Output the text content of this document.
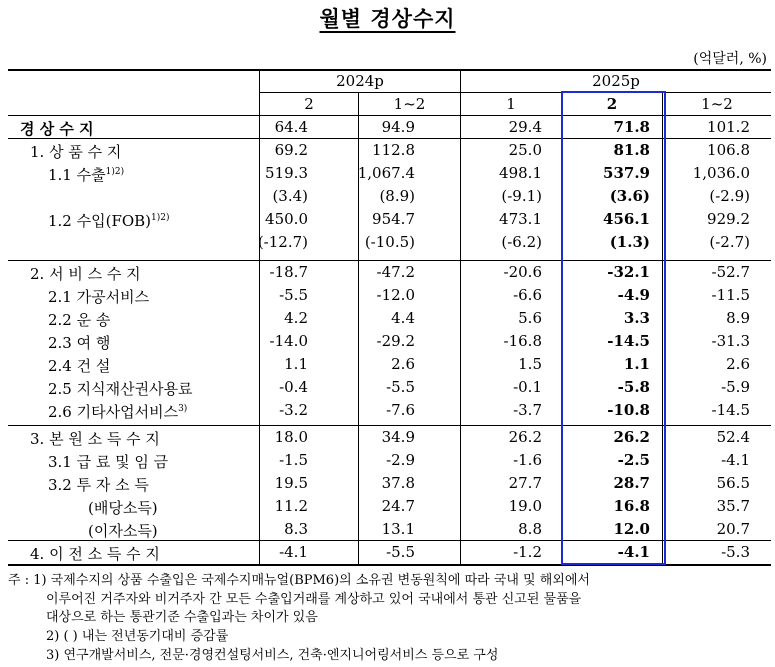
월별 경상수지
(억달러, %)
2024p	2025p
2	1~2	1	2	1~2
경 상 수 지	64.4	94.9	29.4	71.8	101.2
1. 상 품 수 지	69.2	112.8	25.0	81.8	106.8
1.1 수출$^{1)2)}$	519.3	1,067.4	498.1	537.9	1,036.0
(3.4)	(8.9)	(-9.1)	(3.6)	(-2.9)
1.2 수입(FOB)$^{1)2)}$	450.0	954.7	473.1	456.1	929.2
(-12.7)	(-10.5)	(-6.2)	(1.3)	(-2.7)
2. 서 비 스 수 지	-18.7	-47.2	-20.6	-32.1	-52.7
2.1 가공서비스	-5.5	-12.0	-6.6	-4.9	-11.5
2.2 운 송	4.2	4.4	5.6	3.3	8.9
2.3 여 행	-14.0	-29.2	-16.8	-14.5	-31.3
2.4 건 설	1.1	2.6	1.5	1.1	2.6
2.5 지식재산권사용료	-0.4	-5.5	-0.1	-5.8	-5.9
2.6 기타사업서비스$^{3)}$	-3.2	-7.6	-3.7	-10.8	-14.5
3. 본 원 소 득 수 지	18.0	34.9	26.2	26.2	52.4
3.1 급 료 및 임 금	-1.5	-2.9	-1.6	-2.5	-4.1
3.2 투 자 소 득	19.5	37.8	27.7	28.7	56.5
(배당소득)	11.2	24.7	19.0	16.8	35.7
(이자소득)	8.3	13.1	8.8	12.0	20.7
4. 이 전 소 득 수 지	-4.1	-5.5	-1.2	-4.1	-5.3
주 : 1) 국제수지의 상품 수출입은 국제수지매뉴얼(BPM6)의 소유권 변동원칙에 따라 국내 및 해외에서
이루어진 거주자와 비거주자 간 모든 수출입거래를 계상하고 있어 국내에서 통관 신고된 물품을
대상으로 하는 통관기준 수출입과는 차이가 있음
2) ( ) 내는 전년동기대비 증감률
3) 연구개발서비스, 전문·경영컨설팅서비스, 건축·엔지니어링서비스 등으로 구성
